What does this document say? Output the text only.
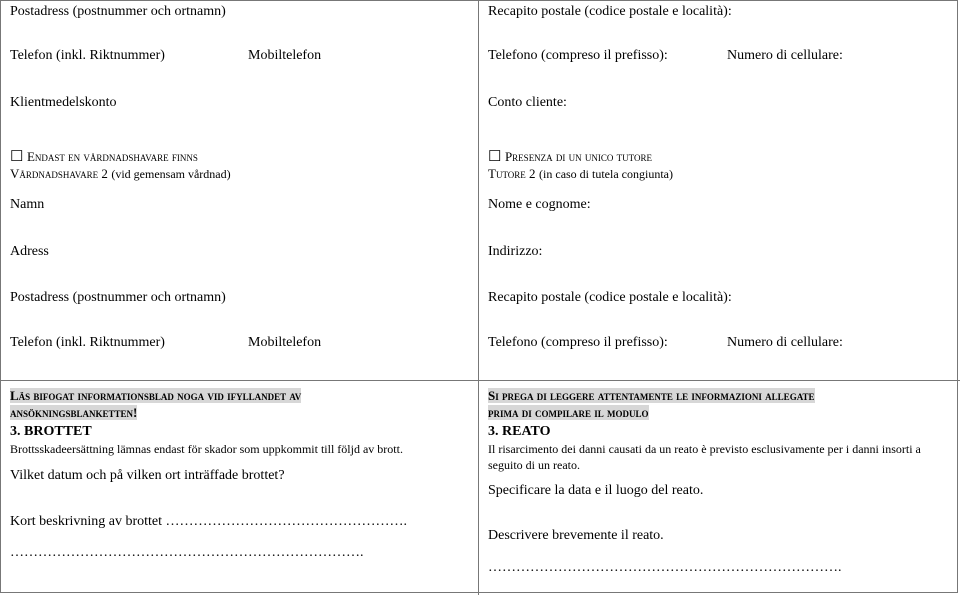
Postadress (postnummer och ortnamn)
Telefon (inkl. Riktnummer)	Mobiltelefon
Klientmedelskonto
☐ Endast en vårdnadshavare finns
Vårdnadshavare 2 (vid gemensam vårdnad)
Namn
Adress
Postadress (postnummer och ortnamn)
Telefon (inkl. Riktnummer)	Mobiltelefon
Läs bifogat informationsblad noga vid ifyllandet av
ansökningsblanketten!
3. BROTTET
Brottsskadeersättning lämnas endast för skador som uppkommit till följd av brott.
Vilket datum och på vilken ort inträffade brottet?
Kort beskrivning av brottet …………………………………………….
………………………………………………………………….
Recapito postale (codice postale e località):
Telefono (compreso il prefisso):	Numero di cellulare:
Conto cliente:
☐ Presenza di un unico tutore
Tutore 2 (in caso di tutela congiunta)
Nome e cognome:
Indirizzo:
Recapito postale (codice postale e località):
Telefono (compreso il prefisso):	Numero di cellulare:
Si prega di leggere attentamente le informazioni allegate
prima di compilare il modulo
3. REATO
Il risarcimento dei danni causati da un reato è previsto esclusivamente per i danni insorti a seguito di un reato.
Specificare la data e il luogo del reato.
Descrivere brevemente il reato.
………………………………………………………………….
